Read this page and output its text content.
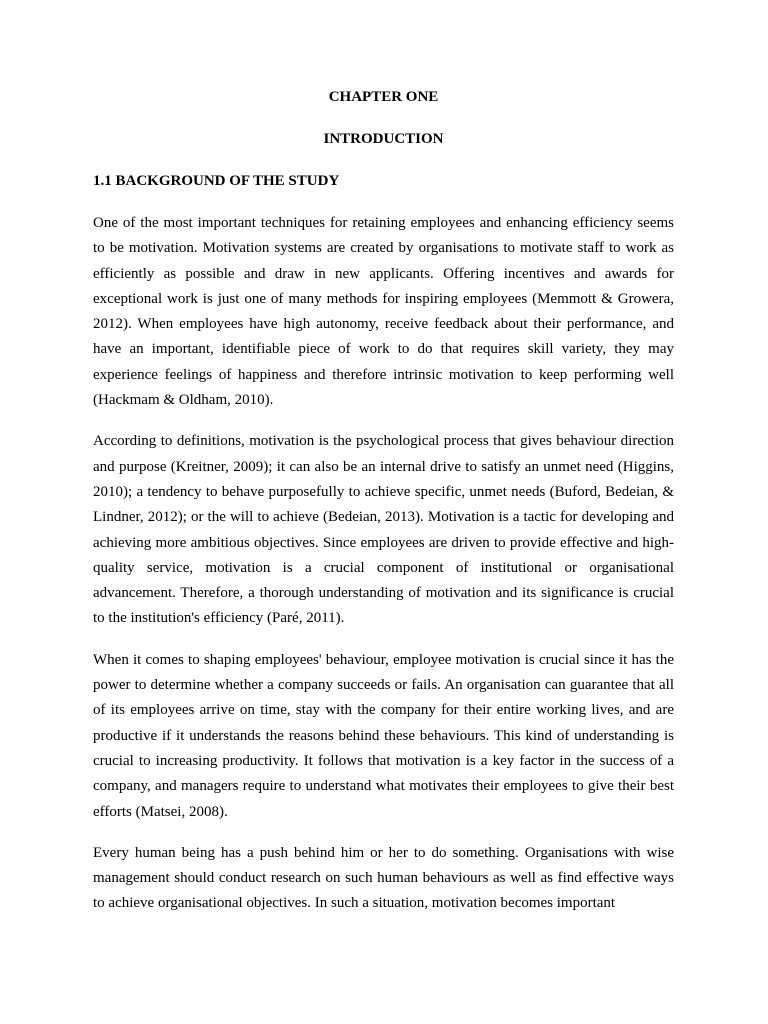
CHAPTER ONE
INTRODUCTION
1.1 BACKGROUND OF THE STUDY

One of the most important techniques for retaining employees and enhancing efficiency seems to be motivation. Motivation systems are created by organisations to motivate staff to work as efficiently as possible and draw in new applicants. Offering incentives and awards for exceptional work is just one of many methods for inspiring employees (Memmott & Growera, 2012). When employees have high autonomy, receive feedback about their performance, and have an important, identifiable piece of work to do that requires skill variety, they may experience feelings of happiness and therefore intrinsic motivation to keep performing well (Hackmam & Oldham, 2010).

According to definitions, motivation is the psychological process that gives behaviour direction and purpose (Kreitner, 2009); it can also be an internal drive to satisfy an unmet need (Higgins, 2010); a tendency to behave purposefully to achieve specific, unmet needs (Buford, Bedeian, & Lindner, 2012); or the will to achieve (Bedeian, 2013). Motivation is a tactic for developing and achieving more ambitious objectives. Since employees are driven to provide effective and high-quality service, motivation is a crucial component of institutional or organisational advancement. Therefore, a thorough understanding of motivation and its significance is crucial to the institution's efficiency (Paré, 2011).

When it comes to shaping employees' behaviour, employee motivation is crucial since it has the power to determine whether a company succeeds or fails. An organisation can guarantee that all of its employees arrive on time, stay with the company for their entire working lives, and are productive if it understands the reasons behind these behaviours. This kind of understanding is crucial to increasing productivity. It follows that motivation is a key factor in the success of a company, and managers require to understand what motivates their employees to give their best efforts (Matsei, 2008).

Every human being has a push behind him or her to do something. Organisations with wise management should conduct research on such human behaviours as well as find effective ways to achieve organisational objectives. In such a situation, motivation becomes important
